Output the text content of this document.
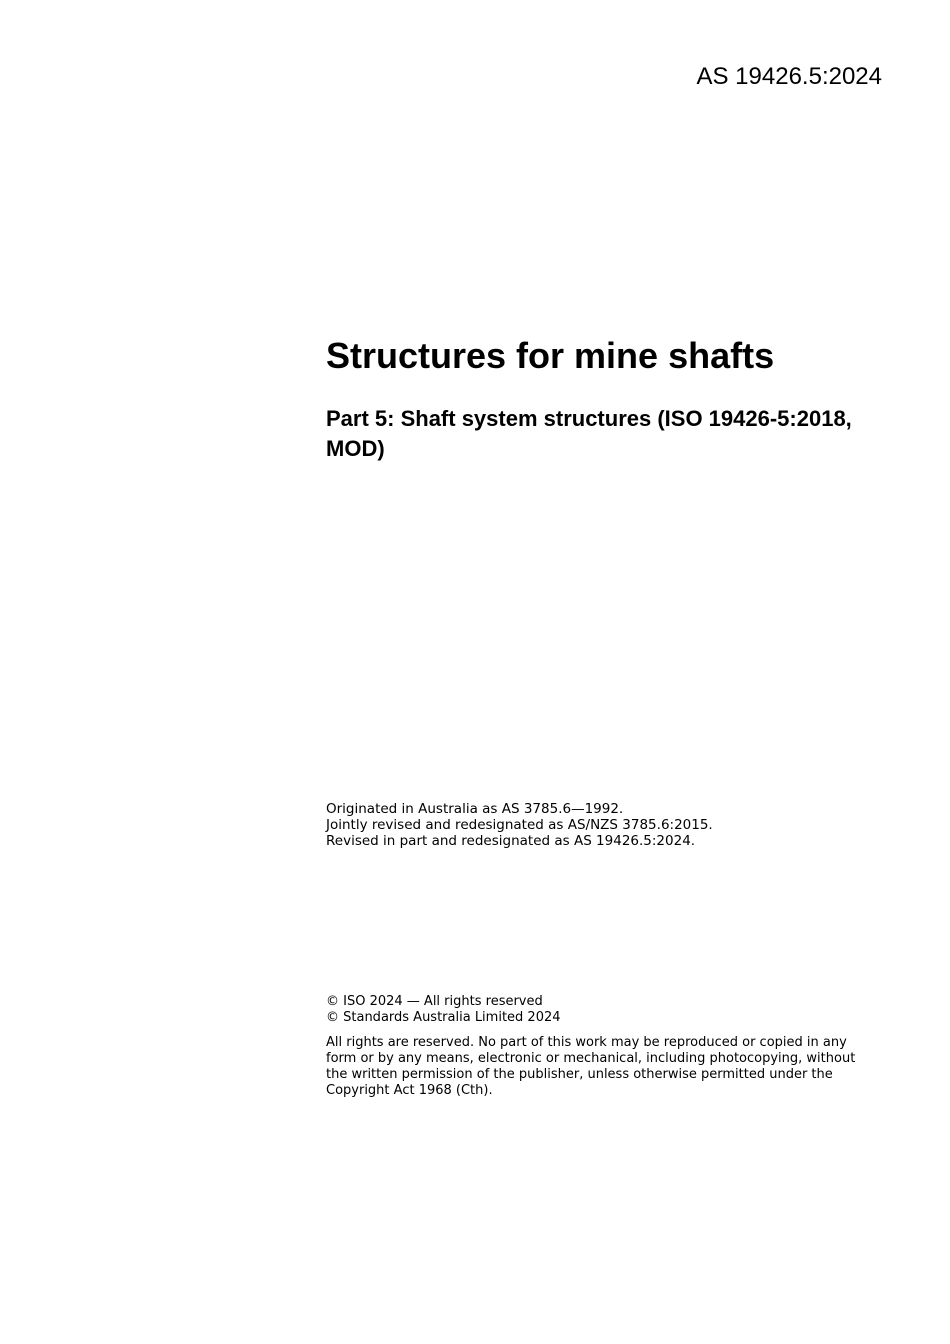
AS 19426.5:2024
Structures for mine shafts
Part 5: Shaft system structures (ISO 19426-5:2018, MOD)
Originated in Australia as AS 3785.6—1992.
Jointly revised and redesignated as AS/NZS 3785.6:2015.
Revised in part and redesignated as AS 19426.5:2024.
© ISO 2024 — All rights reserved
© Standards Australia Limited 2024
All rights are reserved. No part of this work may be reproduced or copied in any form or by any means, electronic or mechanical, including photocopying, without the written permission of the publisher, unless otherwise permitted under the Copyright Act 1968 (Cth).
